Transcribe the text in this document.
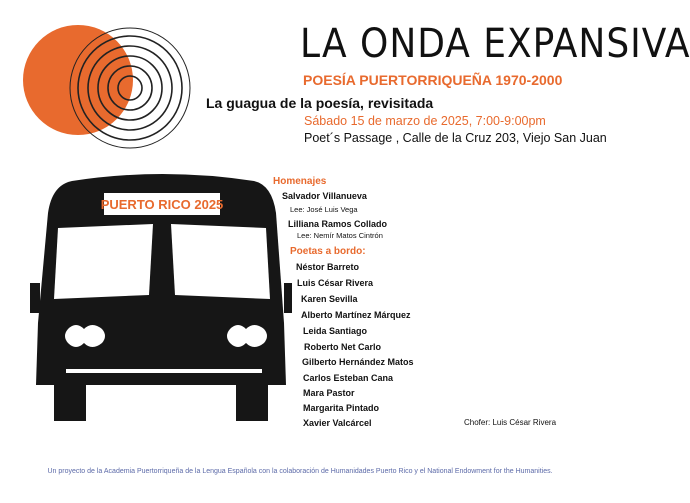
LA ONDA EXPANSIVA
POESÍA PUERTORRIQUEÑA 1970-2000
La guagua de la poesía, revisitada
Sábado 15 de marzo de 2025, 7:00-9:00pm
Poet´s Passage , Calle de la Cruz 203, Viejo San Juan
PUERTO RICO 2025
Homenajes
Salvador Villanueva
Lee: José Luis Vega
Lilliana Ramos Collado
Lee: Nemír Matos Cintrón
Poetas a bordo:
Néstor Barreto
Luis César Rivera
Karen Sevilla
Alberto Martínez Márquez
Leida Santiago
Roberto Net Carlo
Gilberto Hernández Matos
Carlos Esteban Cana
Mara Pastor
Margarita Pintado
Xavier Valcárcel	Chofer: Luis César Rivera
Un proyecto de la Academia Puertorriqueña de la Lengua Española con la colaboración de Humanidades Puerto Rico y el National Endowment for the Humanities.
